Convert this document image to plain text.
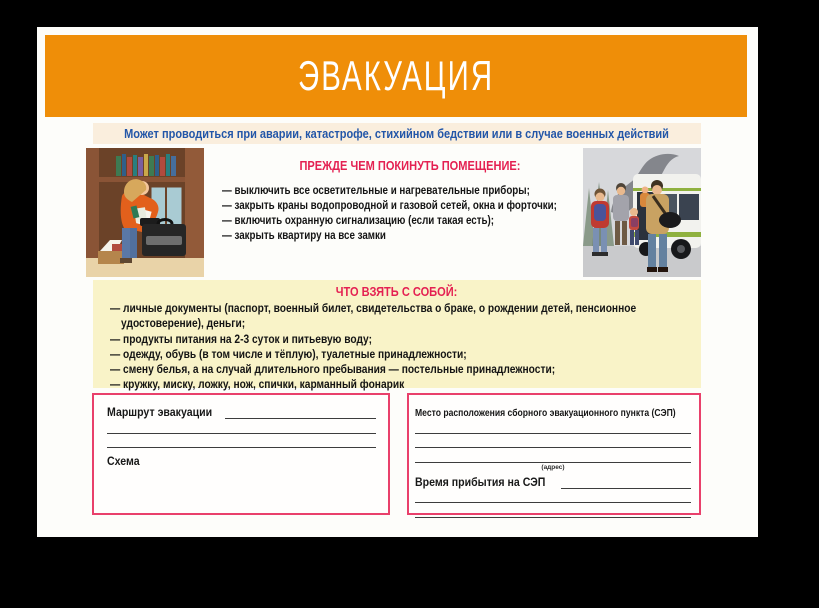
ЭВАКУАЦИЯ
Может проводиться при аварии, катастрофе, стихийном бедствии или в случае военных действий
ПРЕЖДЕ ЧЕМ ПОКИНУТЬ ПОМЕЩЕНИЕ:
— выключить все осветительные и нагревательные приборы;
— закрыть краны водопроводной и газовой сетей, окна и форточки;
— включить охранную сигнализацию (если такая есть);
— закрыть квартиру на все замки
ЧТО ВЗЯТЬ С СОБОЙ:
— личные документы (паспорт, военный билет, свидетельства о браке, о рождении детей, пенсионное удостоверение), деньги;
— продукты питания на 2-3 суток и питьевую воду;
— одежду, обувь (в том числе и тёплую), туалетные принадлежности;
— смену белья, а на случай длительного пребывания — постельные принадлежности;
— кружку, миску, ложку, нож, спички, карманный фонарик
Маршрут эвакуации
Схема
Место расположения сборного эвакуационного пункта (СЭП)
(адрес)
Время прибытия на СЭП
